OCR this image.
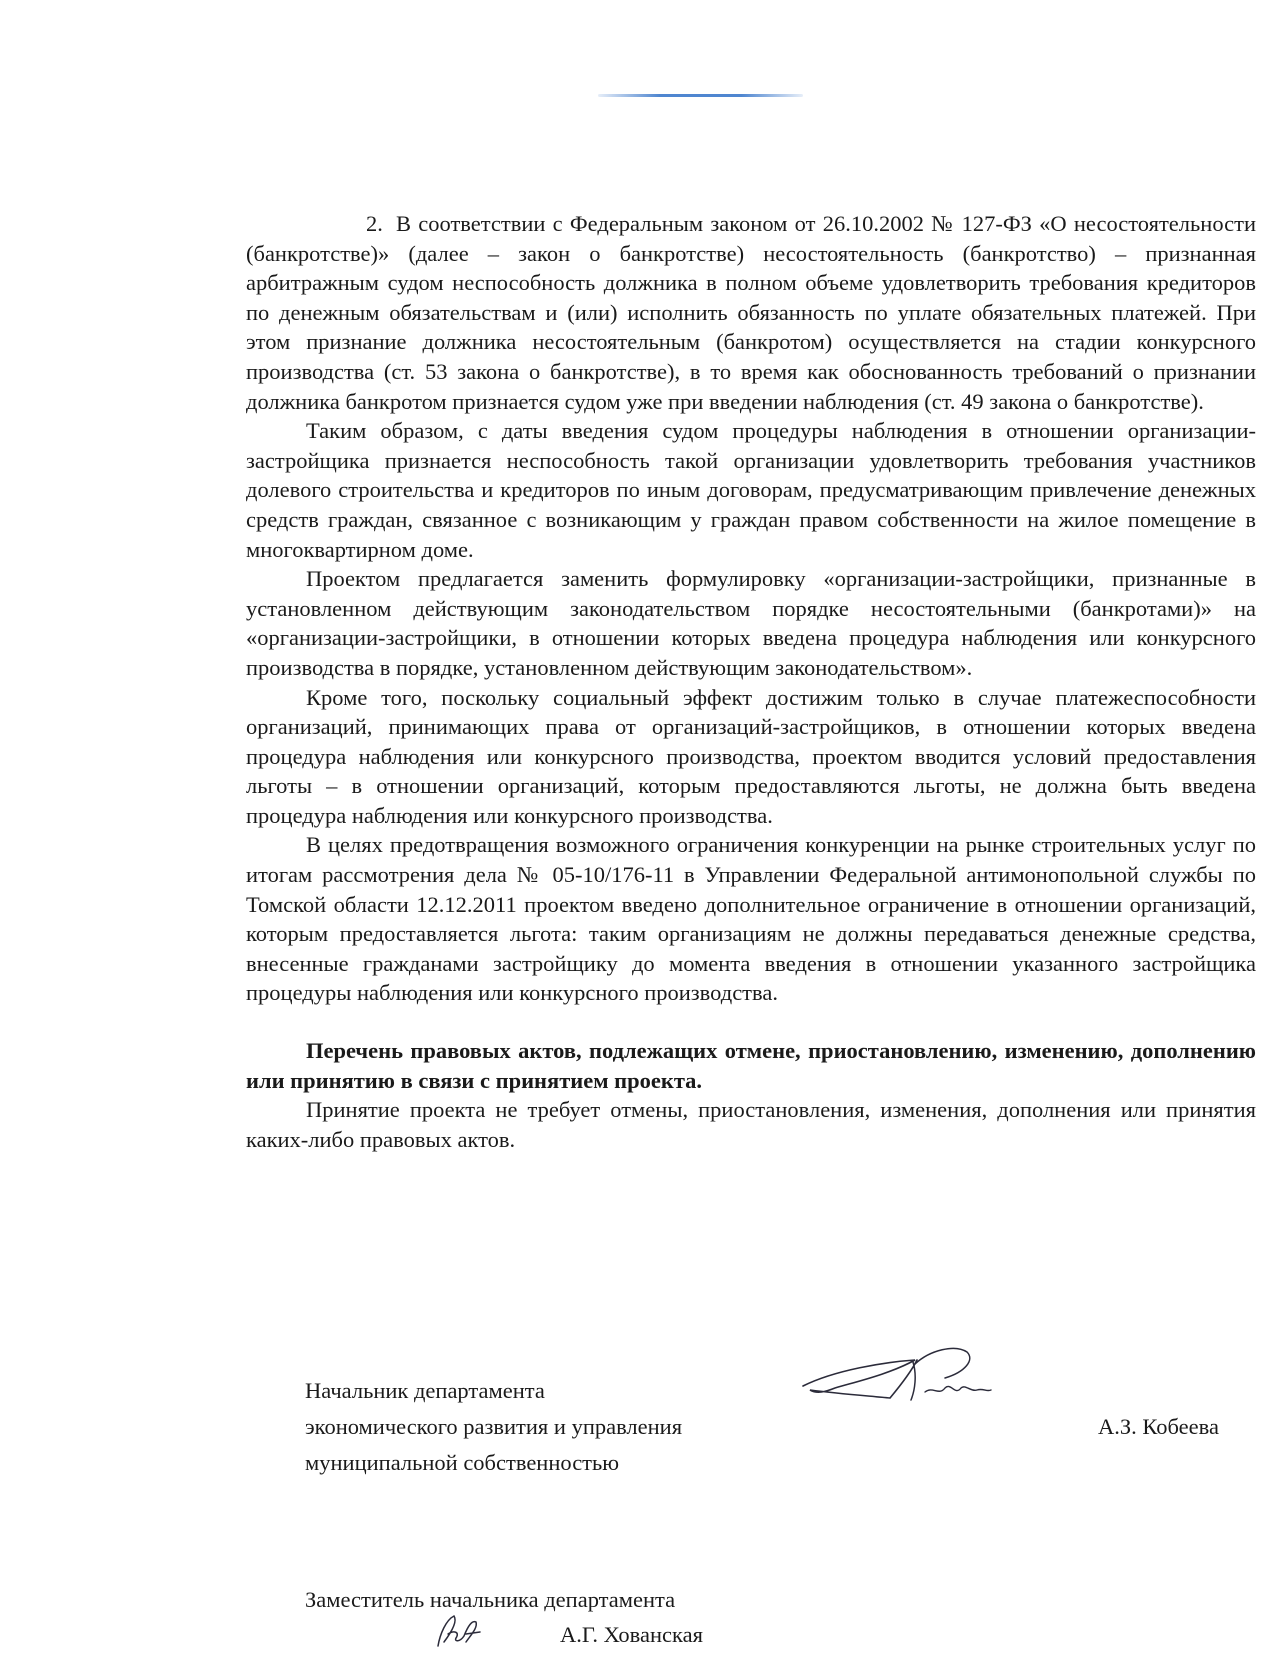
2. В соответствии с Федеральным законом от 26.10.2002 № 127-ФЗ «О несостоятельности (банкротстве)» (далее – закон о банкротстве) несостоятельность (банкротство) – признанная арбитражным судом неспособность должника в полном объеме удовлетворить требования кредиторов по денежным обязательствам и (или) исполнить обязанность по уплате обязательных платежей. При этом признание должника несостоятельным (банкротом) осуществляется на стадии конкурсного производства (ст. 53 закона о банкротстве), в то время как обоснованность требований о признании должника банкротом признается судом уже при введении наблюдения (ст. 49 закона о банкротстве).

Таким образом, с даты введения судом процедуры наблюдения в отношении организации-застройщика признается неспособность такой организации удовлетворить требования участников долевого строительства и кредиторов по иным договорам, предусматривающим привлечение денежных средств граждан, связанное с возникающим у граждан правом собственности на жилое помещение в многоквартирном доме.

Проектом предлагается заменить формулировку «организации-застройщики, признанные в установленном действующим законодательством порядке несостоятельными (банкротами)» на «организации-застройщики, в отношении которых введена процедура наблюдения или конкурсного производства в порядке, установленном действующим законодательством».

Кроме того, поскольку социальный эффект достижим только в случае платежеспособности организаций, принимающих права от организаций-застройщиков, в отношении которых введена процедура наблюдения или конкурсного производства, проектом вводится условий предоставления льготы – в отношении организаций, которым предоставляются льготы, не должна быть введена процедура наблюдения или конкурсного производства.

В целях предотвращения возможного ограничения конкуренции на рынке строительных услуг по итогам рассмотрения дела № 05-10/176-11 в Управлении Федеральной антимонопольной службы по Томской области 12.12.2011 проектом введено дополнительное ограничение в отношении организаций, которым предоставляется льгота: таким организациям не должны передаваться денежные средства, внесенные гражданами застройщику до момента введения в отношении указанного застройщика процедуры наблюдения или конкурсного производства.

Перечень правовых актов, подлежащих отмене, приостановлению, изменению, дополнению или принятию в связи с принятием проекта.

Принятие проекта не требует отмены, приостановления, изменения, дополнения или принятия каких-либо правовых актов.

Начальник департамента
экономического развития и управления
муниципальной собственностью
А.З. Кобеева
Заместитель начальника департамента
А.Г. Хованская
